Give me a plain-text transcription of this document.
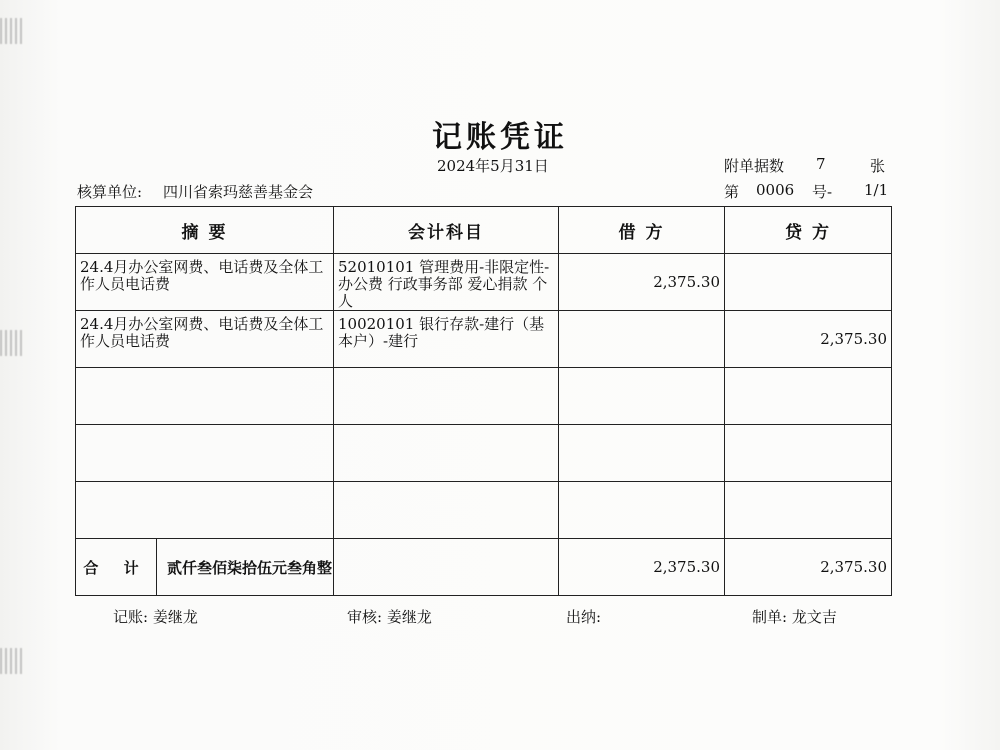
记账凭证
2024年5月31日	附单据数 7	张
核算单位: 四川省索玛慈善基金会	第 0006 号- 1/1
摘 要	会计科目	借 方	贷 方

24.4月办公室网费、电话费及全体工作人员电话费	52010101 管理费用-非限定性-办公费 行政事务部 爱心捐款 个人	2,375.30	

24.4月办公室网费、电话费及全体工作人员电话费	10020101 银行存款-建行（基本户）-建行		2,375.30

合 计 贰仟叁佰柒拾伍元叁角整		2,375.30	2,375.30
记账: 姜继龙	审核: 姜继龙	出纳:	制单: 龙文吉
